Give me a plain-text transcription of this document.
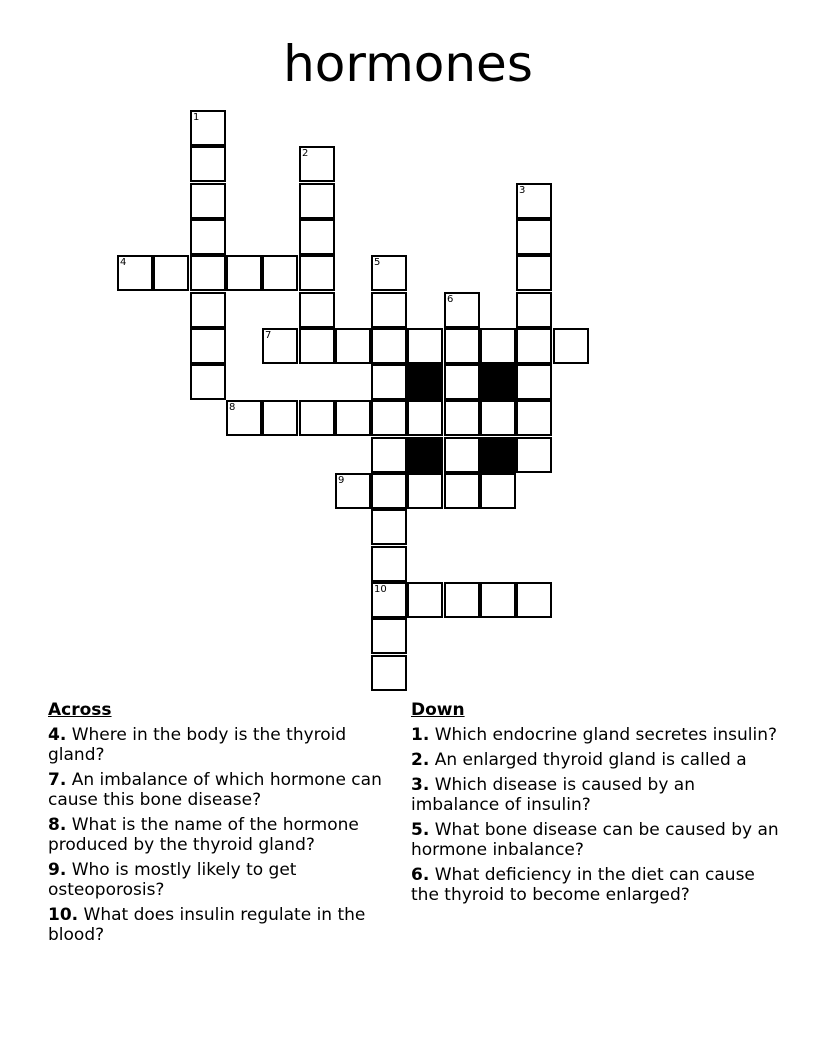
hormones
1
2
3
4	5
6
7
8
9
10
Across
4. Where in the body is the thyroid gland?
7. An imbalance of which hormone can cause this bone disease?
8. What is the name of the hormone produced by the thyroid gland?
9. Who is mostly likely to get osteoporosis?
10. What does insulin regulate in the blood?
Down
1. Which endocrine gland secretes insulin?
2. An enlarged thyroid gland is called a
3. Which disease is caused by an imbalance of insulin?
5. What bone disease can be caused by an hormone inbalance?
6. What deficiency in the diet can cause the thyroid to become enlarged?
